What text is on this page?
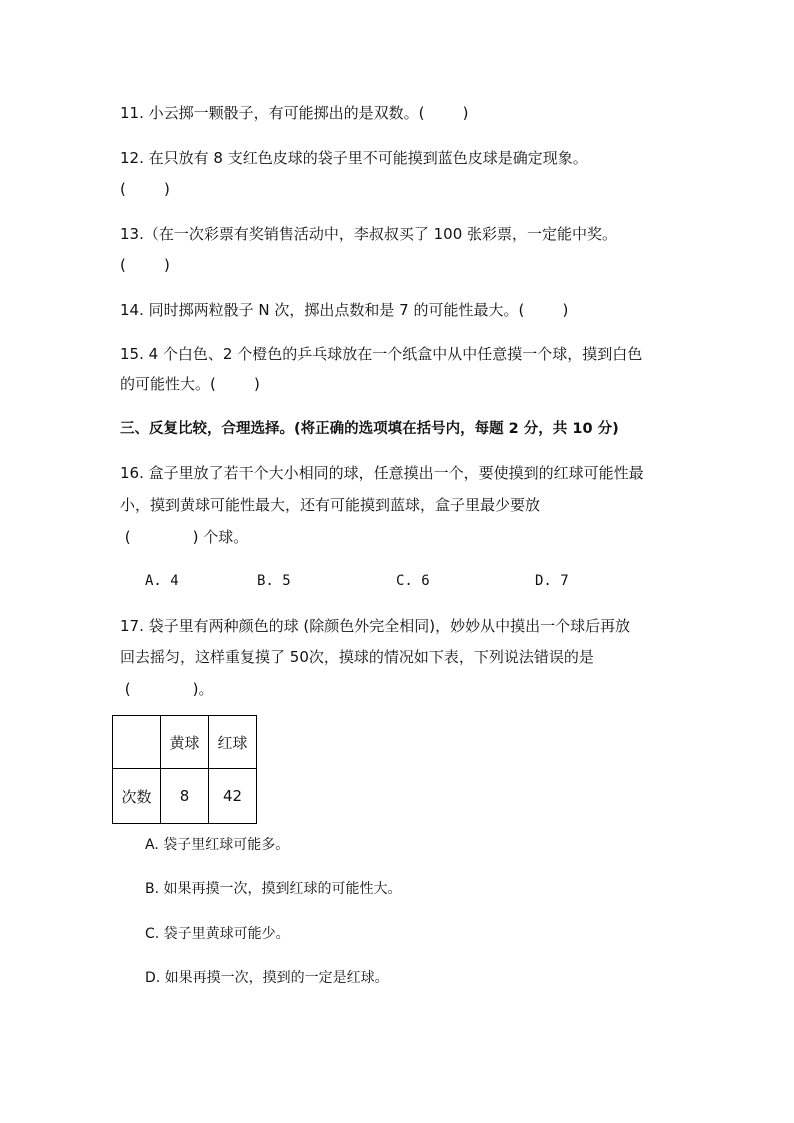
11. 小云掷一颗骰子，有可能掷出的是双数。(        )
12. 在只放有 8 支红色皮球的袋子里不可能摸到蓝色皮球是确定现象。
(        )
13.（在一次彩票有奖销售活动中，李叔叔买了 100 张彩票，一定能中奖。
(        )
14. 同时掷两粒骰子 N 次，掷出点数和是 7 的可能性最大。(        )
15. 4 个白色、2 个橙色的乒乓球放在一个纸盒中从中任意摸一个球，摸到白色
的可能性大。(        )
三、反复比较，合理选择。(将正确的选项填在括号内，每题 2 分，共 10 分)
16. 盒子里放了若干个大小相同的球，任意摸出一个，要使摸到的红球可能性最
小，摸到黄球可能性最大，还有可能摸到蓝球，盒子里最少要放
(             ) 个球。
A. 4	B. 5	C. 6	D. 7
17. 袋子里有两种颜色的球 (除颜色外完全相同)，妙妙从中摸出一个球后再放
回去摇匀，这样重复摸了 50次，摸球的情况如下表，下列说法错误的是
(             )。
	黄球	红球
次数	8	42
A. 袋子里红球可能多。
B. 如果再摸一次，摸到红球的可能性大。
C. 袋子里黄球可能少。
D. 如果再摸一次，摸到的一定是红球。
